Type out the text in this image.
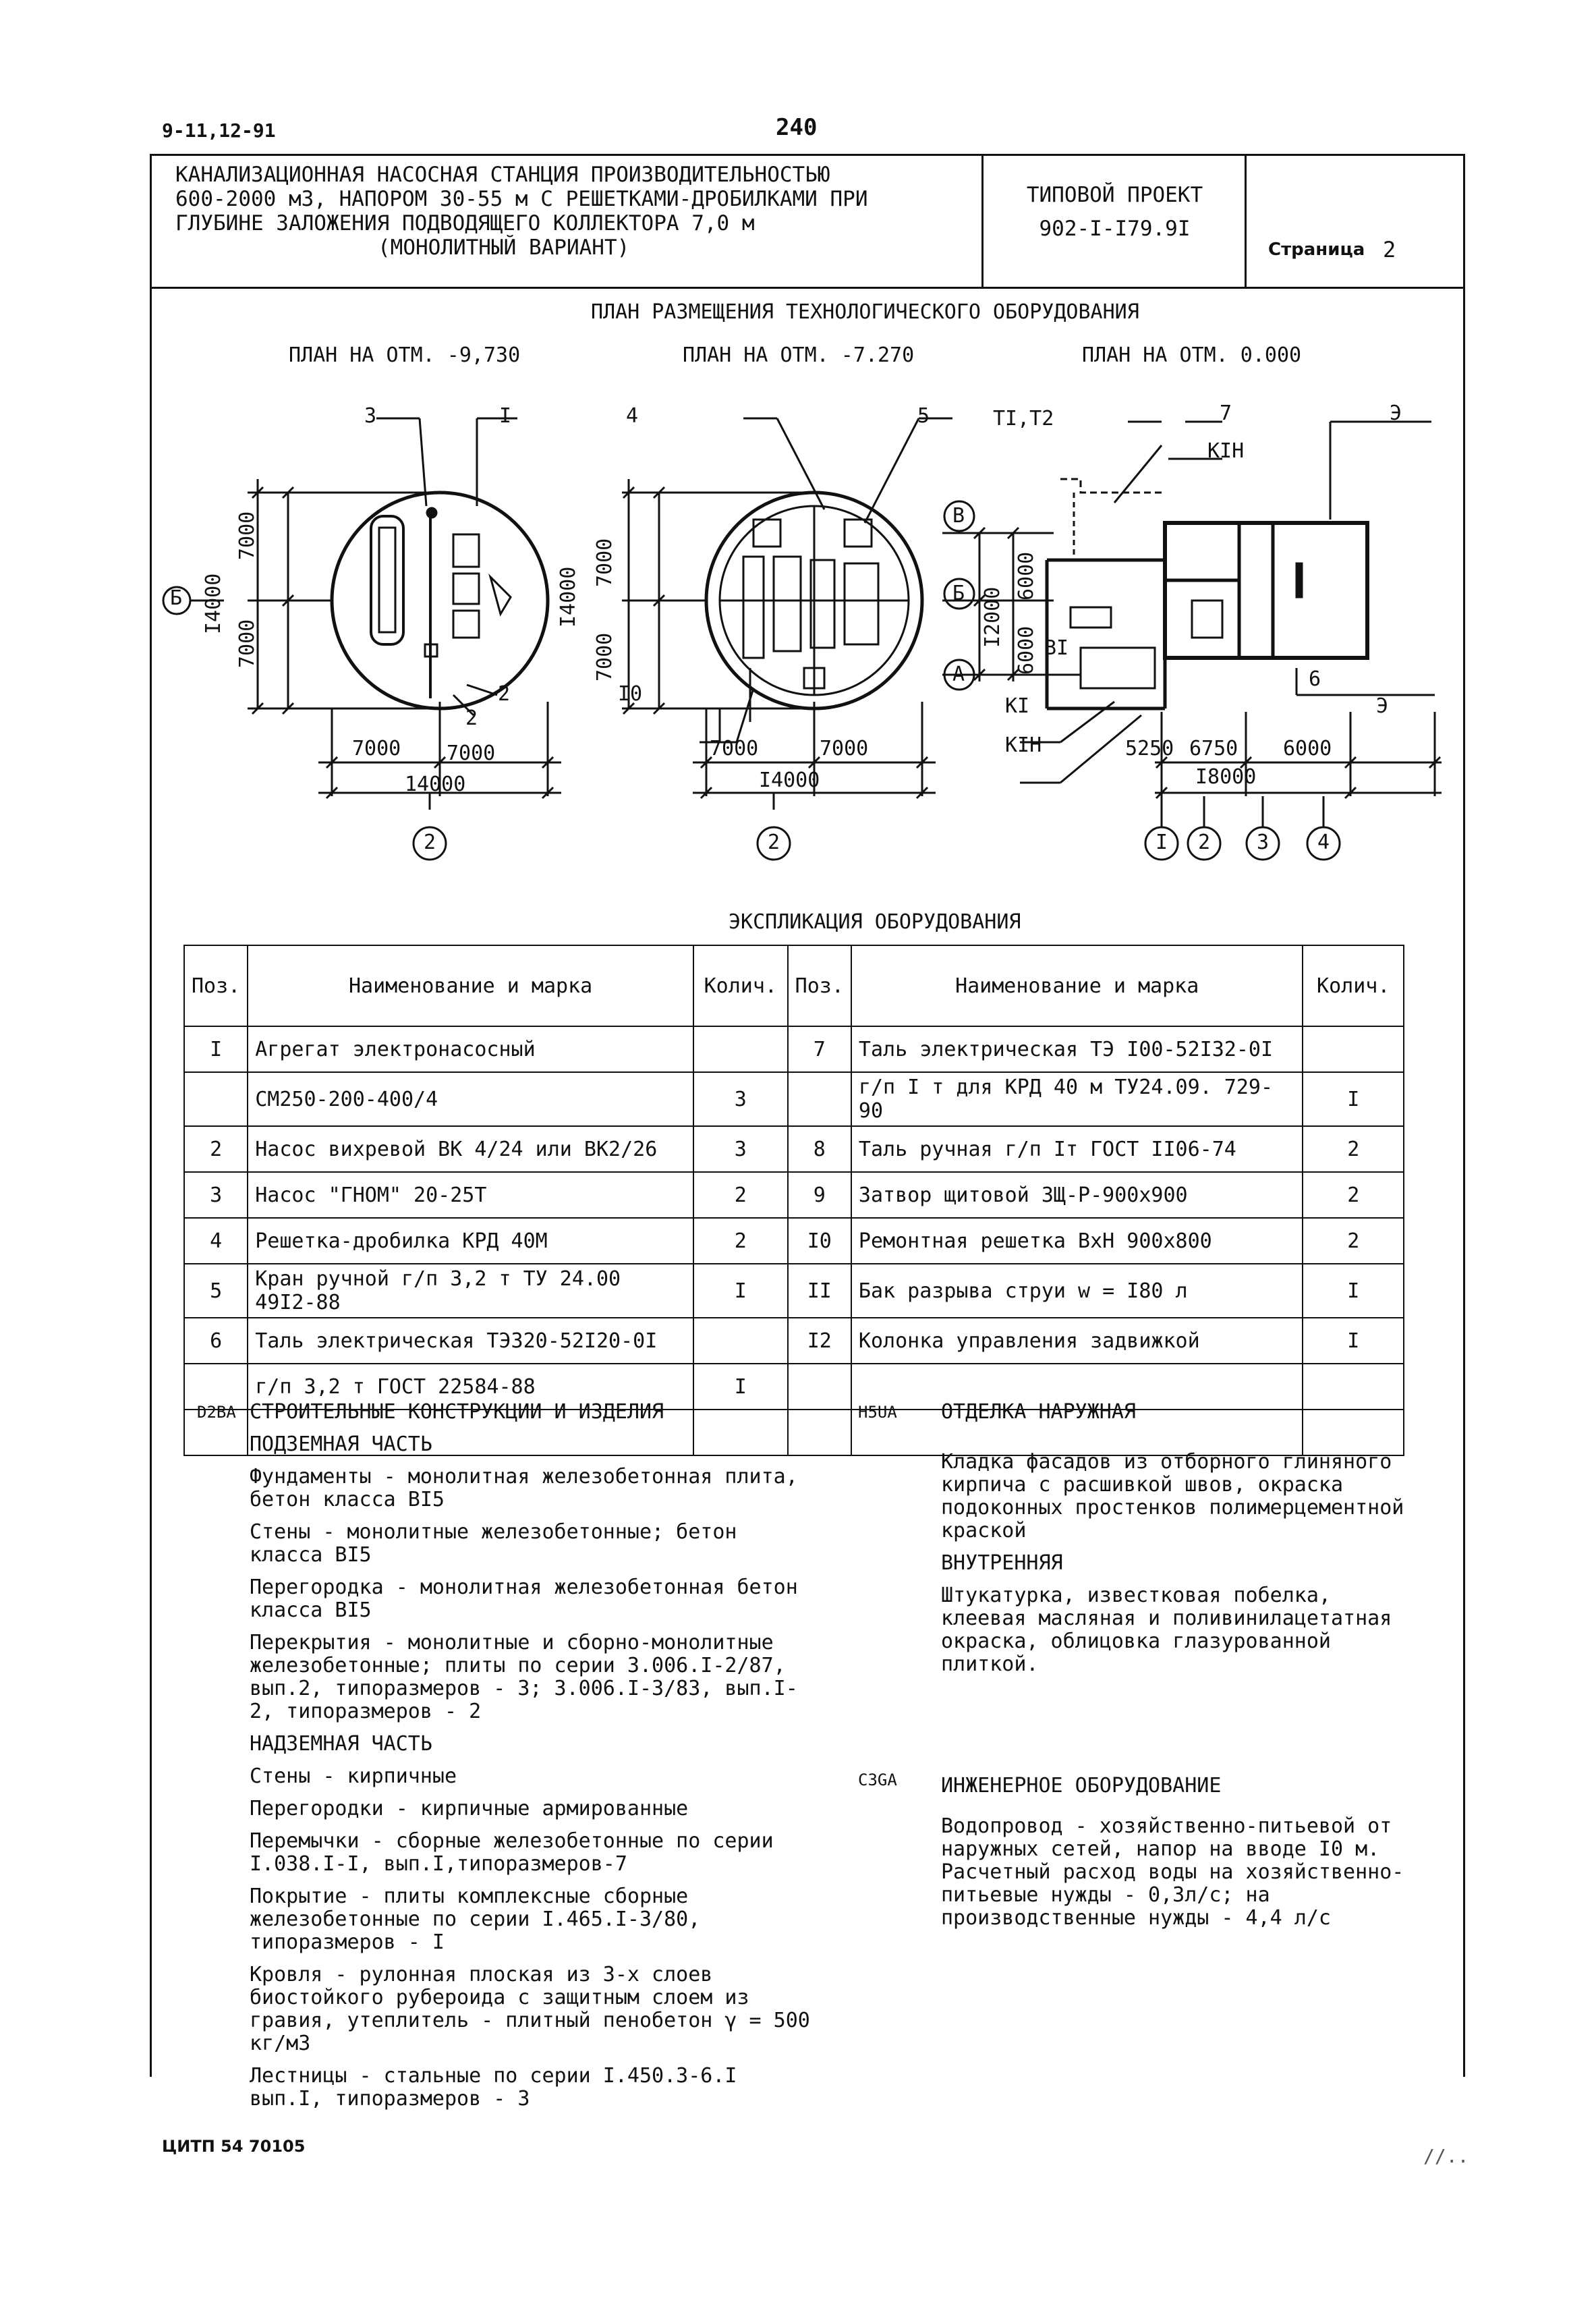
9-11,12-91	240
КАНАЛИЗАЦИОННАЯ НАСОСНАЯ СТАНЦИЯ ПРОИЗВОДИТЕЛЬНОСТЬЮ
600-2000 м3, НАПОРОМ 30-55 м С РЕШЕТКАМИ-ДРОБИЛКАМИ ПРИ
ГЛУБИНЕ ЗАЛОЖЕНИЯ ПОДВОДЯЩЕГО КОЛЛЕКТОРА 7,0 м
(МОНОЛИТНЫЙ ВАРИАНТ)
ТИПОВОЙ ПРОЕКТ
902-I-I79.9I
Страница 2
ПЛАН РАЗМЕЩЕНИЯ ТЕХНОЛОГИЧЕСКОГО ОБОРУДОВАНИЯ
ПЛАН НА ОТМ. -9,730	ПЛАН НА ОТМ. -7.270	ПЛАН НА ОТМ. 0.000
3	I
2
2
7000 7000
14000
7000
7000
I4000
Б
2
4	5
I0
7000	7000
I4000
7000
7000
I4000
2
TI,T2	7
KIH
Э
BI
KI
KIH
6
Э
5250 6750 6000
I8000
6000
6000
I2000
В
Б
А
I 2 3 4
ЭКСПЛИКАЦИЯ ОБОРУДОВАНИЯ
Поз.	Наименование и марка	Колич.	Поз.	Наименование и марка	Колич.
I	Агрегат электронасосный		7	Таль электрическая ТЭ I00-52I32-0I	
	СМ250-200-400/4	3		г/п I т для КРД 40 м ТУ24.09. 729-90	I
2	Насос вихревой ВК 4/24 или ВК2/26	3	8	Таль ручная г/п Iт ГОСТ II06-74	2
3	Насос "ГНОМ" 20-25Т	2	9	Затвор щитовой ЗЩ-Р-900х900	2
4	Решетка-дробилка КРД 40М	2	I0	Ремонтная решетка ВхН 900х800	2
5	Кран ручной г/п 3,2 т ТУ 24.00 49I2-88	I	II	Бак разрыва струи w = I80 л	I
6	Таль электрическая ТЭ320-52I20-0I		I2	Колонка управления задвижкой	I
	г/п 3,2 т ГОСТ 22584-88	I			

D2BA СТРОИТЕЛЬНЫЕ КОНСТРУКЦИИ И ИЗДЕЛИЯ

ПОДЗЕМНАЯ ЧАСТЬ

Фундаменты - монолитная железобетонная плита, бетон класса BI5

Стены - монолитные железобетонные; бетон класса BI5

Перегородка - монолитная железобетонная бетон класса BI5

Перекрытия - монолитные и сборно-монолитные железобетонные; плиты по серии 3.006.I-2/87, вып.2, типоразмеров - 3; 3.006.I-3/83, вып.I-2, типоразмеров - 2

НАДЗЕМНАЯ ЧАСТЬ

Стены - кирпичные

Перегородки - кирпичные армированные

Перемычки - сборные железобетонные по серии I.038.I-I, вып.I,типоразмеров-7

Покрытие - плиты комплексные сборные железобетонные по серии I.465.I-3/80, типоразмеров - I

Кровля - рулонная плоская из 3-х слоев биостойкого рубероида с защитным слоем из гравия, утеплитель - плитный пенобетон γ = 500 кг/м3

Лестницы - стальные по серии I.450.3-6.I вып.I, типоразмеров - 3

H5UA ОТДЕЛКА НАРУЖНАЯ

Кладка фасадов из отборного глиняного кирпича с расшивкой швов, окраска подоконных простенков полимерцементной краской

ВНУТРЕННЯЯ

Штукатурка, известковая побелка, клеевая масляная и поливинилацетатная окраска, облицовка глазурованной плиткой.

C3GA ИНЖЕНЕРНОЕ ОБОРУДОВАНИЕ

Водопровод - хозяйственно-питьевой от наружных сетей, напор на вводе I0 м. Расчетный расход воды на хозяйственно-питьевые нужды - 0,3л/с; на производственные нужды - 4,4 л/с

ЦИТП 54 70105	//..
